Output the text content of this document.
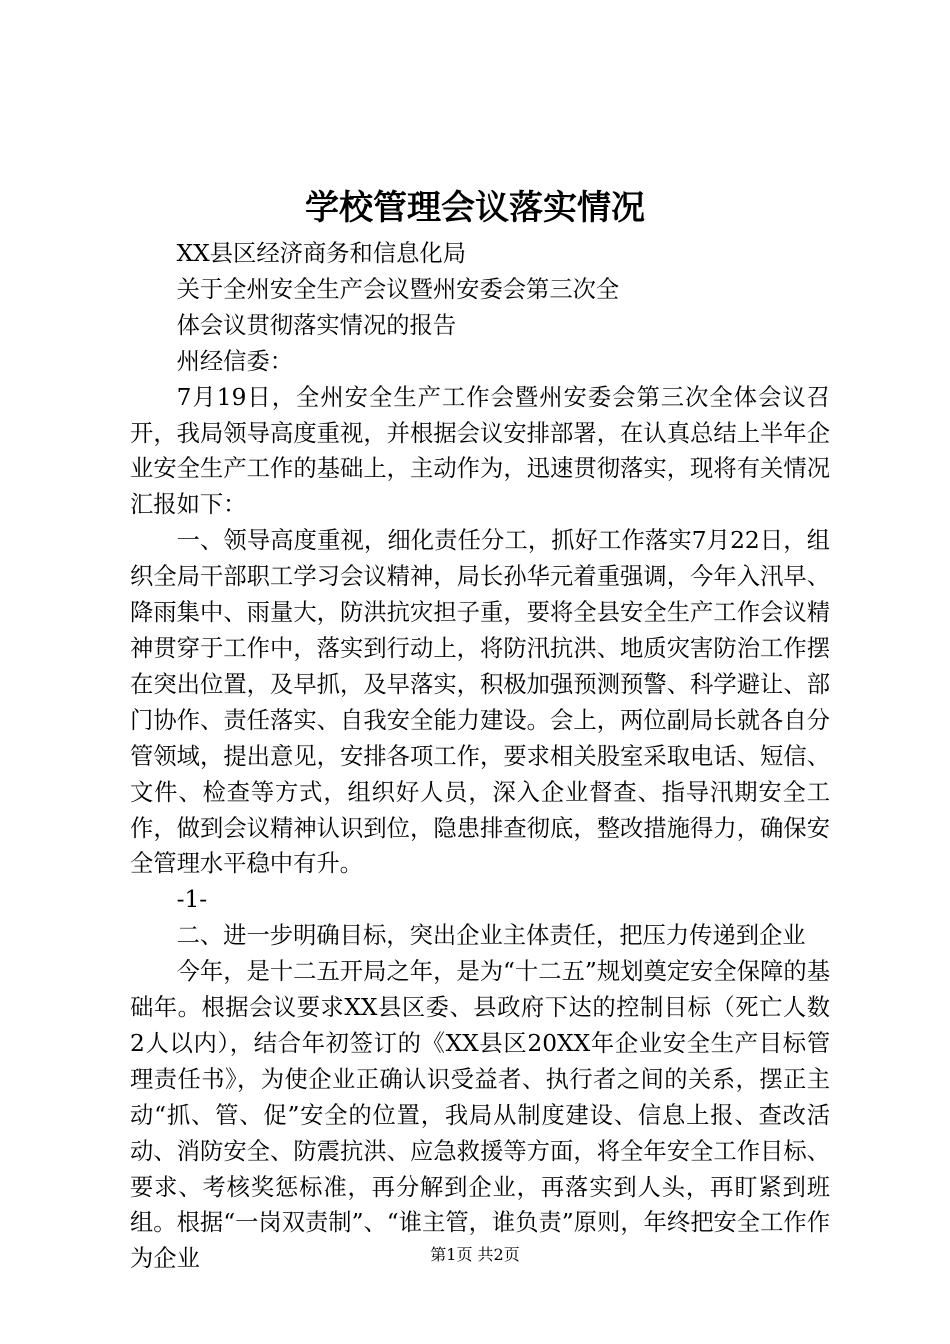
学校管理会议落实情况

XX县区经济商务和信息化局

关于全州安全生产会议暨州安委会第三次全

体会议贯彻落实情况的报告

州经信委：

7月19日，全州安全生产工作会暨州安委会第三次全体会议召开，我局领导高度重视，并根据会议安排部署，在认真总结上半年企业安全生产工作的基础上，主动作为，迅速贯彻落实，现将有关情况汇报如下：

一、领导高度重视，细化责任分工，抓好工作落实7月22日，组织全局干部职工学习会议精神，局长孙华元着重强调，今年入汛早、降雨集中、雨量大，防洪抗灾担子重，要将全县安全生产工作会议精神贯穿于工作中，落实到行动上，将防汛抗洪、地质灾害防治工作摆在突出位置，及早抓，及早落实，积极加强预测预警、科学避让、部门协作、责任落实、自我安全能力建设。会上，两位副局长就各自分管领域，提出意见，安排各项工作，要求相关股室采取电话、短信、文件、检查等方式，组织好人员，深入企业督查、指导汛期安全工作，做到会议精神认识到位，隐患排查彻底，整改措施得力，确保安全管理水平稳中有升。

-1-

二、进一步明确目标，突出企业主体责任，把压力传递到企业

今年，是十二五开局之年，是为“十二五”规划奠定安全保障的基础年。根据会议要求XX县区委、县政府下达的控制目标（死亡人数2人以内），结合年初签订的《XX县区20XX年企业安全生产目标管理责任书》，为使企业正确认识受益者、执行者之间的关系，摆正主动“抓、管、促”安全的位置，我局从制度建设、信息上报、查改活动、消防安全、防震抗洪、应急救援等方面，将全年安全工作目标、要求、考核奖惩标准，再分解到企业，再落实到人头，再盯紧到班组。根据“一岗双责制”、“谁主管，谁负责”原则，年终把安全工作作为企业	第1页 共2页
